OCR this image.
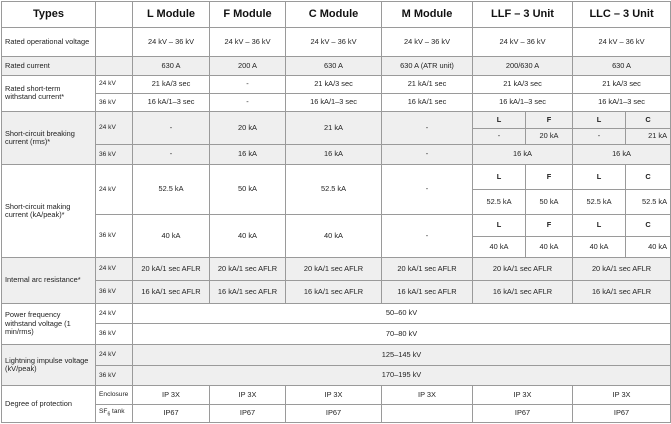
Types		L Module	F Module	C Module	M Module	LLF – 3 Unit		LLC – 3 Unit	
Rated operational voltage		24 kV – 36 kV	24 kV – 36 kV	24 kV – 36 kV	24 kV – 36 kV	24 kV – 36 kV		24 kV – 36 kV	
Rated current		630 A	200 A	630 A	630 A (ATR unit)	200/630 A		630 A	
Rated short-term withstand current*	24 kV	21 kA/3 sec	-	21 kA/3 sec	21 kA/1 sec	21 kA/3 sec		21 kA/3 sec	
	36 kV	16 kA/1–3 sec	-	16 kA/1–3 sec	16 kA/1 sec	16 kA/1–3 sec		16 kA/1–3 sec	
Short-circuit breaking current (rms)*	24 kV	-	20 kA	21 kA	-	L	F	L	C
						-	20 kA	-	21 kA
	36 kV	-	16 kA	16 kA	-	16 kA		16 kA	
Short-circuit making current (kA/peak)*	24 kV	52.5 kA	50 kA	52.5 kA	-	L	F	L	C
						52.5 kA	50 kA	52.5 kA	52.5 kA
	36 kV	40 kA	40 kA	40 kA	-	L	F	L	C
						40 kA	40 kA	40 kA	40 kA
Internal arc resistance*	24 kV	20 kA/1 sec AFLR	20 kA/1 sec AFLR	20 kA/1 sec AFLR	20 kA/1 sec AFLR	20 kA/1 sec AFLR		20 kA/1 sec AFLR	
	36 kV	16 kA/1 sec AFLR	16 kA/1 sec AFLR	16 kA/1 sec AFLR	16 kA/1 sec AFLR	16 kA/1 sec AFLR		16 kA/1 sec AFLR	
Power frequency withstand voltage (1 min/rms)	24 kV	50–60 kV							
	36 kV	70–80 kV							
Lightning impulse voltage (kV/peak)	24 kV	125–145 kV							
	36 kV	170–195 kV							
Degree of protection	Enclosure	IP 3X	IP 3X	IP 3X	IP 3X	IP 3X		IP 3X	
	$SF_6$ tank	IP67	IP67	IP67		IP67		IP67	
